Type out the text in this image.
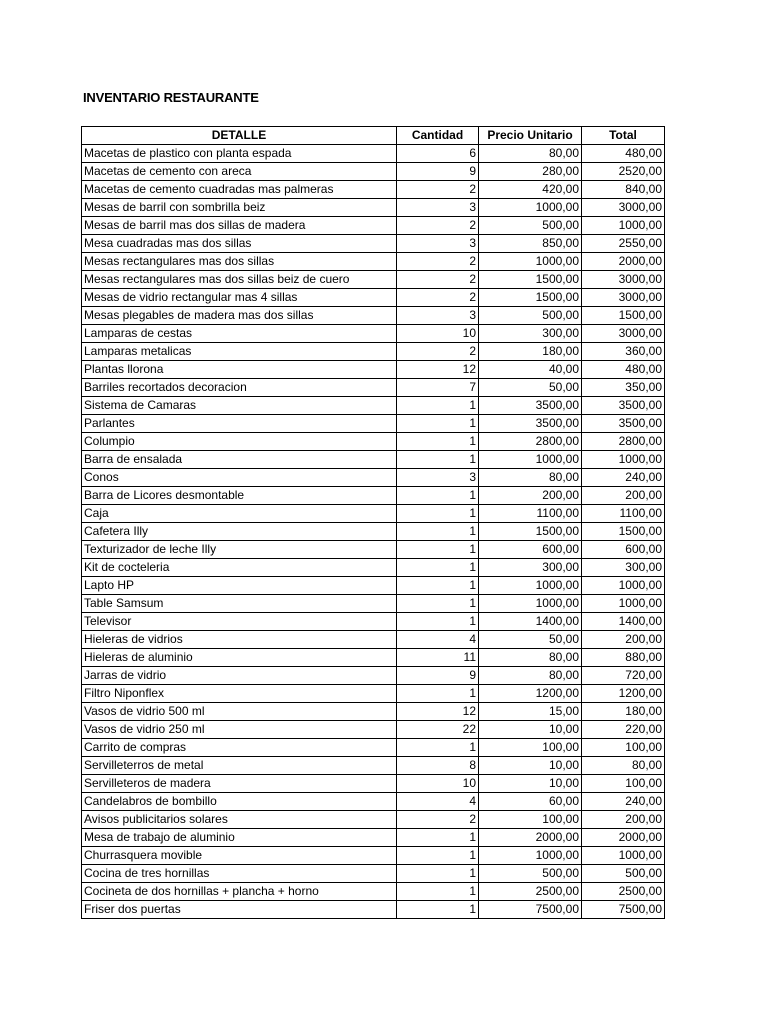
INVENTARIO RESTAURANTE
DETALLE	Cantidad	Precio Unitario	Total
Macetas de plastico con planta espada	6	80,00	480,00
Macetas de cemento con areca	9	280,00	2520,00
Macetas de cemento cuadradas mas palmeras	2	420,00	840,00
Mesas de barril con sombrilla beiz	3	1000,00	3000,00
Mesas de barril mas dos sillas de madera	2	500,00	1000,00
Mesa cuadradas mas dos sillas	3	850,00	2550,00
Mesas rectangulares mas dos sillas	2	1000,00	2000,00
Mesas rectangulares mas dos sillas beiz de cuero	2	1500,00	3000,00
Mesas de vidrio rectangular mas 4 sillas	2	1500,00	3000,00
Mesas plegables de madera mas dos sillas	3	500,00	1500,00
Lamparas de cestas	10	300,00	3000,00
Lamparas metalicas	2	180,00	360,00
Plantas llorona	12	40,00	480,00
Barriles recortados decoracion	7	50,00	350,00
Sistema de Camaras	1	3500,00	3500,00
Parlantes	1	3500,00	3500,00
Columpio	1	2800,00	2800,00
Barra de ensalada	1	1000,00	1000,00
Conos	3	80,00	240,00
Barra de Licores desmontable	1	200,00	200,00
Caja	1	1100,00	1100,00
Cafetera Illy	1	1500,00	1500,00
Texturizador de leche Illy	1	600,00	600,00
Kit de cocteleria	1	300,00	300,00
Lapto HP	1	1000,00	1000,00
Table Samsum	1	1000,00	1000,00
Televisor	1	1400,00	1400,00
Hieleras de vidrios	4	50,00	200,00
Hieleras de aluminio	11	80,00	880,00
Jarras de vidrio	9	80,00	720,00
Filtro Niponflex	1	1200,00	1200,00
Vasos de vidrio 500 ml	12	15,00	180,00
Vasos de vidrio 250 ml	22	10,00	220,00
Carrito de compras	1	100,00	100,00
Servilleterros de metal	8	10,00	80,00
Servilleteros de madera	10	10,00	100,00
Candelabros de bombillo	4	60,00	240,00
Avisos publicitarios solares	2	100,00	200,00
Mesa de trabajo de aluminio	1	2000,00	2000,00
Churrasquera movible	1	1000,00	1000,00
Cocina de tres hornillas	1	500,00	500,00
Cocineta de dos hornillas + plancha + horno	1	2500,00	2500,00
Friser dos puertas	1	7500,00	7500,00
